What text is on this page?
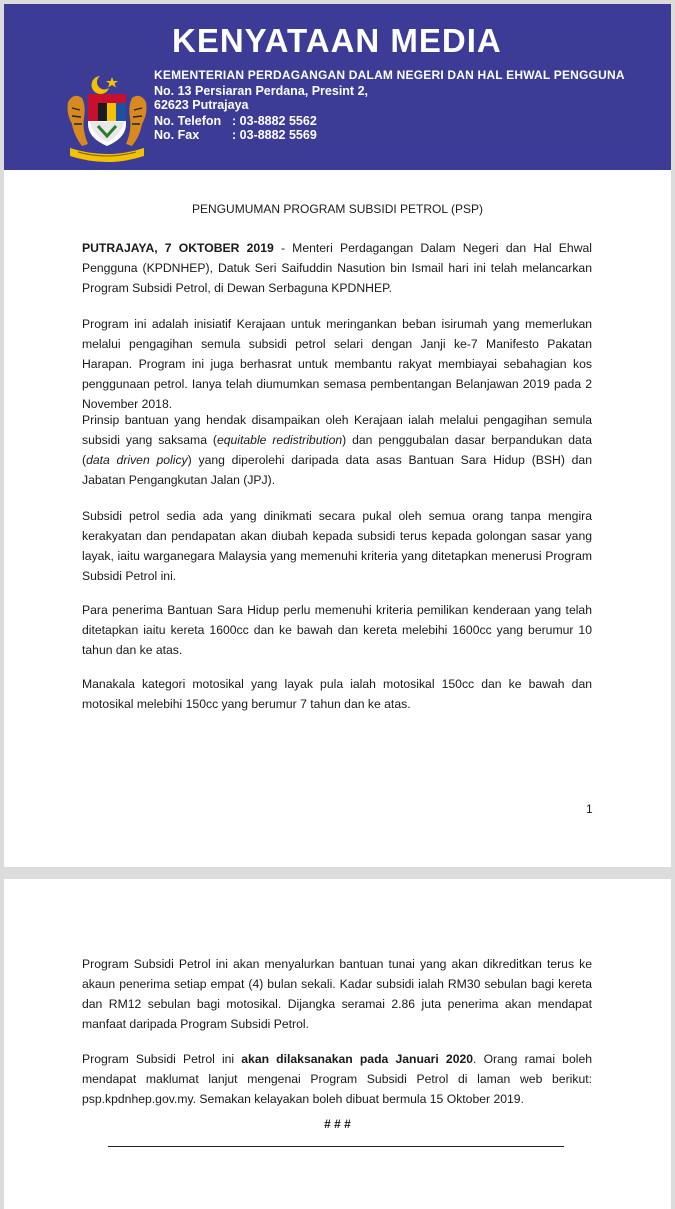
KENYATAAN MEDIA
KEMENTERIAN PERDAGANGAN DALAM NEGERI DAN HAL EHWAL PENGGUNA
No. 13 Persiaran Perdana, Presint 2,
62623 Putrajaya
No. Telefon : 03-8882 5562
No. Fax	: 03-8882 5569
PENGUMUMAN PROGRAM SUBSIDI PETROL (PSP)

PUTRAJAYA, 7 OKTOBER 2019 - Menteri Perdagangan Dalam Negeri dan Hal Ehwal Pengguna (KPDNHEP), Datuk Seri Saifuddin Nasution bin Ismail hari ini telah melancarkan Program Subsidi Petrol, di Dewan Serbaguna KPDNHEP.

Program ini adalah inisiatif Kerajaan untuk meringankan beban isirumah yang memerlukan melalui pengagihan semula subsidi petrol selari dengan Janji ke-7 Manifesto Pakatan Harapan. Program ini juga berhasrat untuk membantu rakyat membiayai sebahagian kos penggunaan petrol. Ianya telah diumumkan semasa pembentangan Belanjawan 2019 pada 2 November 2018.

Prinsip bantuan yang hendak disampaikan oleh Kerajaan ialah melalui pengagihan semula subsidi yang saksama (equitable redistribution) dan penggubalan dasar berpandukan data (data driven policy) yang diperolehi daripada data asas Bantuan Sara Hidup (BSH) dan Jabatan Pengangkutan Jalan (JPJ).

Subsidi petrol sedia ada yang dinikmati secara pukal oleh semua orang tanpa mengira kerakyatan dan pendapatan akan diubah kepada subsidi terus kepada golongan sasar yang layak, iaitu warganegara Malaysia yang memenuhi kriteria yang ditetapkan menerusi Program Subsidi Petrol ini.

Para penerima Bantuan Sara Hidup perlu memenuhi kriteria pemilikan kenderaan yang telah ditetapkan iaitu kereta 1600cc dan ke bawah dan kereta melebihi 1600cc yang berumur 10 tahun dan ke atas.

Manakala kategori motosikal yang layak pula ialah motosikal 150cc dan ke bawah dan motosikal melebihi 150cc yang berumur 7 tahun dan ke atas.

1

Program Subsidi Petrol ini akan menyalurkan bantuan tunai yang akan dikreditkan terus ke akaun penerima setiap empat (4) bulan sekali. Kadar subsidi ialah RM30 sebulan bagi kereta dan RM12 sebulan bagi motosikal. Dijangka seramai 2.86 juta penerima akan mendapat manfaat daripada Program Subsidi Petrol.

Program Subsidi Petrol ini akan dilaksanakan pada Januari 2020. Orang ramai boleh mendapat maklumat lanjut mengenai Program Subsidi Petrol di laman web berikut: psp.kpdnhep.gov.my. Semakan kelayakan boleh dibuat bermula 15 Oktober 2019.

# # #
